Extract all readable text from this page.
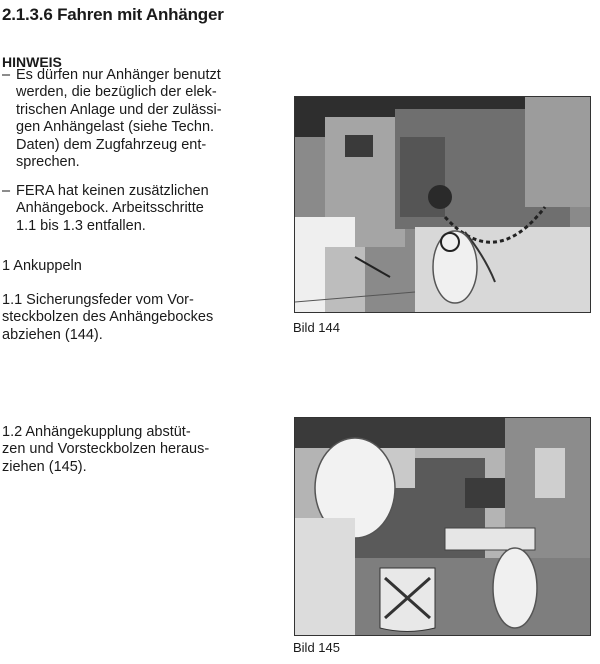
2.1.3.6 Fahren mit Anhänger
HINWEIS
– Es dürfen nur Anhänger benutzt
werden, die bezüglich der elek-
trischen Anlage und der zulässi-
gen Anhängelast (siehe Techn.
Daten) dem Zugfahrzeug ent-
sprechen.
– FERA hat keinen zusätzlichen
Anhängebock. Arbeitsschritte
1.1 bis 1.3 entfallen.
1 Ankuppeln
1.1 Sicherungsfeder vom Vor-
steckbolzen des Anhängebockes
abziehen (144).
1.2 Anhängekupplung abstüt-
zen und Vorsteckbolzen heraus-
ziehen (145).
Bild 144
Bild 145
